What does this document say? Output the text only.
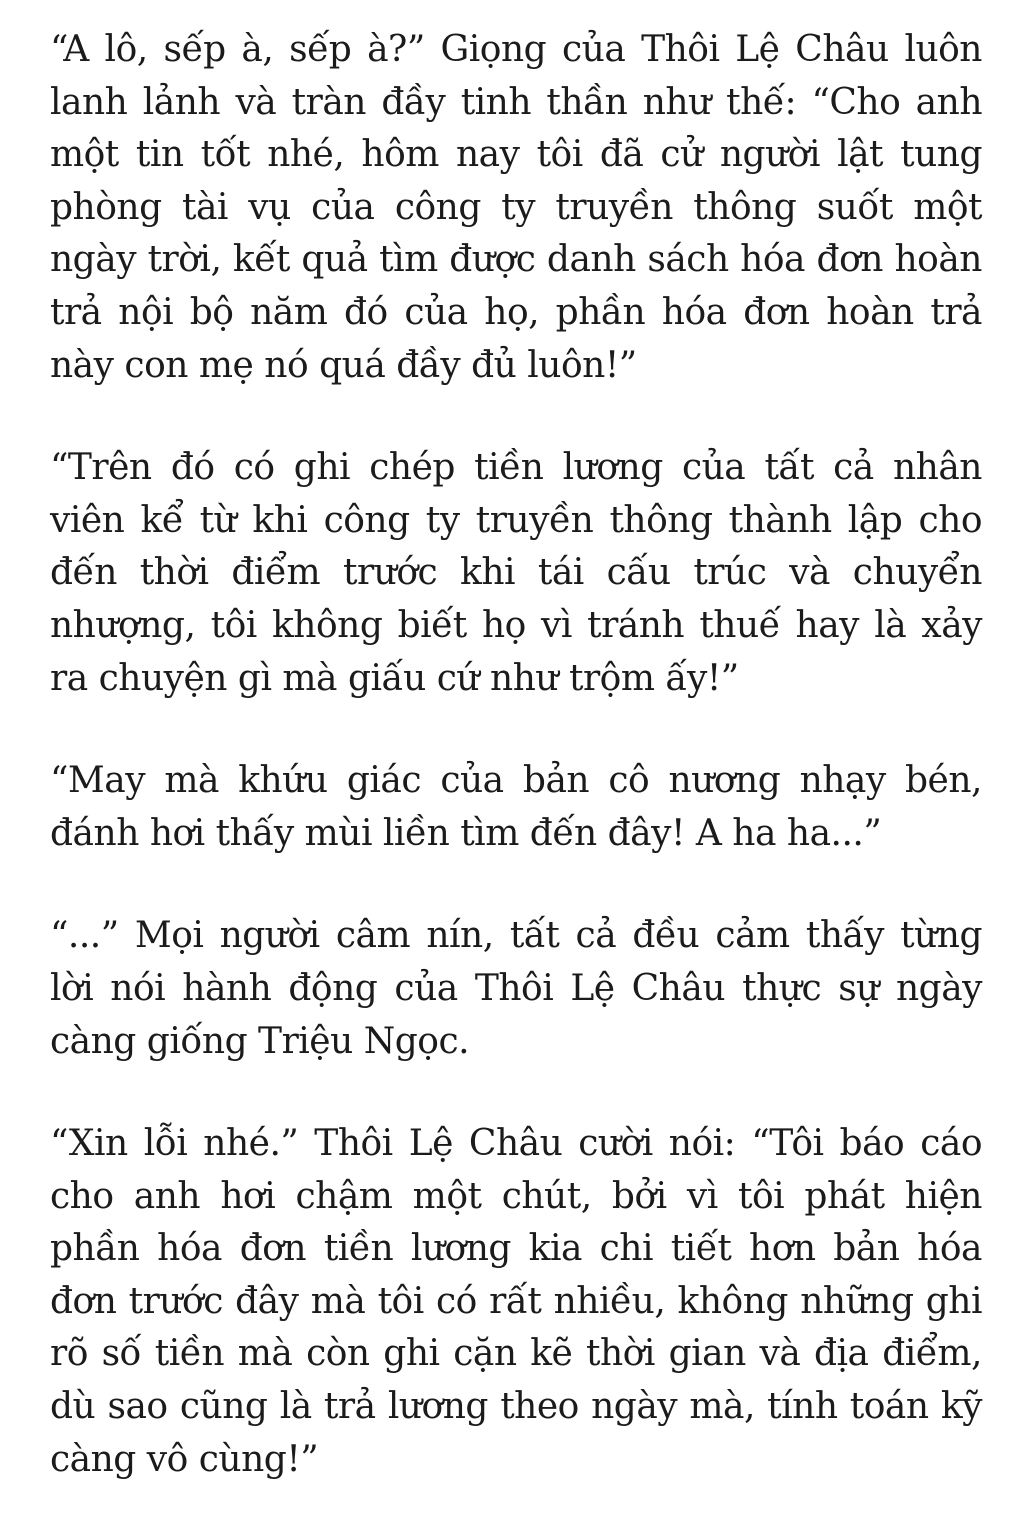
“A lô, sếp à, sếp à?” Giọng của Thôi Lệ Châu luôn lanh lảnh và tràn đầy tinh thần như thế: “Cho anh một tin tốt nhé, hôm nay tôi đã cử người lật tung phòng tài vụ của công ty truyền thông suốt một ngày trời, kết quả tìm được danh sách hóa đơn hoàn trả nội bộ năm đó của họ, phần hóa đơn hoàn trả này con mẹ nó quá đầy đủ luôn!”

“Trên đó có ghi chép tiền lương của tất cả nhân viên kể từ khi công ty truyền thông thành lập cho đến thời điểm trước khi tái cấu trúc và chuyển nhượng, tôi không biết họ vì tránh thuế hay là xảy ra chuyện gì mà giấu cứ như trộm ấy!”

“May mà khứu giác của bản cô nương nhạy bén, đánh hơi thấy mùi liền tìm đến đây! A ha ha...”

“...” Mọi người câm nín, tất cả đều cảm thấy từng lời nói hành động của Thôi Lệ Châu thực sự ngày càng giống Triệu Ngọc.

“Xin lỗi nhé.” Thôi Lệ Châu cười nói: “Tôi báo cáo cho anh hơi chậm một chút, bởi vì tôi phát hiện phần hóa đơn tiền lương kia chi tiết hơn bản hóa đơn trước đây mà tôi có rất nhiều, không những ghi rõ số tiền mà còn ghi cặn kẽ thời gian và địa điểm, dù sao cũng là trả lương theo ngày mà, tính toán kỹ càng vô cùng!”
